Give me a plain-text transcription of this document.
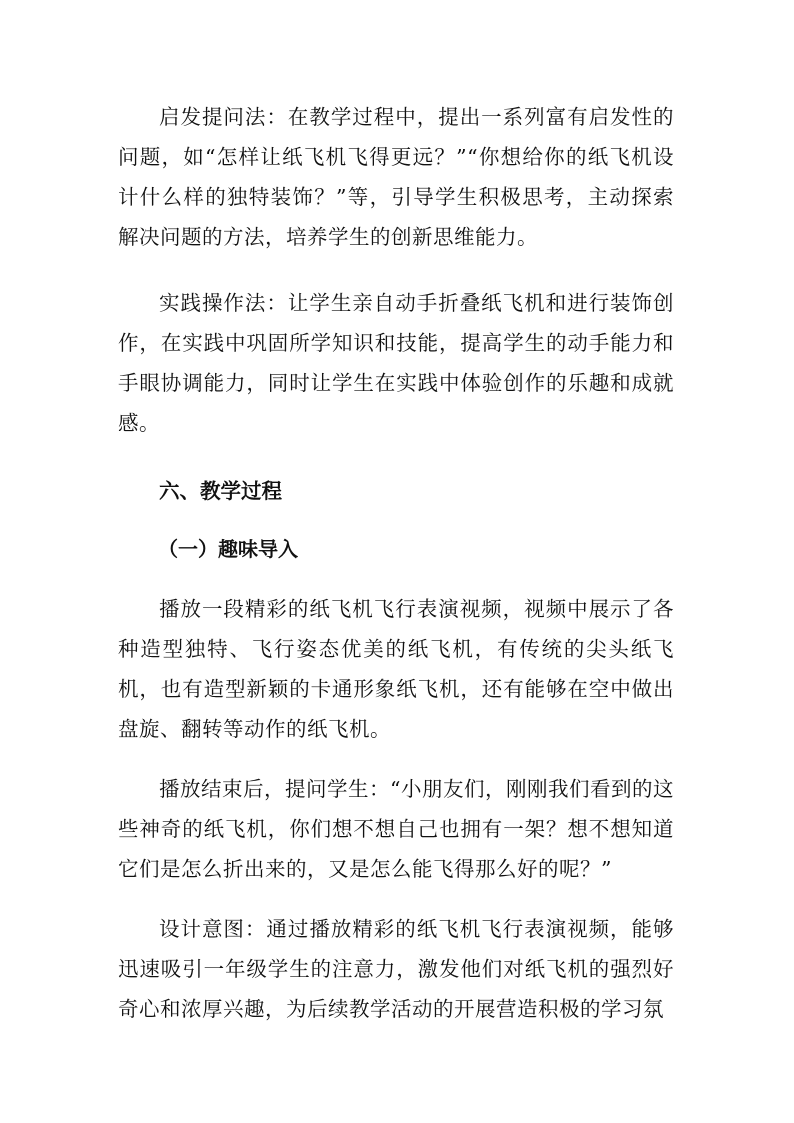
启发提问法：在教学过程中，提出一系列富有启发性的问题，如“怎样让纸飞机飞得更远？”“你想给你的纸飞机设计什么样的独特装饰？”等，引导学生积极思考，主动探索解决问题的方法，培养学生的创新思维能力。

实践操作法：让学生亲自动手折叠纸飞机和进行装饰创作，在实践中巩固所学知识和技能，提高学生的动手能力和手眼协调能力，同时让学生在实践中体验创作的乐趣和成就感。

六、教学过程
（一）趣味导入

播放一段精彩的纸飞机飞行表演视频，视频中展示了各种造型独特、飞行姿态优美的纸飞机，有传统的尖头纸飞机，也有造型新颖的卡通形象纸飞机，还有能够在空中做出盘旋、翻转等动作的纸飞机。

播放结束后，提问学生：“小朋友们，刚刚我们看到的这些神奇的纸飞机，你们想不想自己也拥有一架？想不想知道它们是怎么折出来的，又是怎么能飞得那么好的呢？”

设计意图：通过播放精彩的纸飞机飞行表演视频，能够迅速吸引一年级学生的注意力，激发他们对纸飞机的强烈好奇心和浓厚兴趣，为后续教学活动的开展营造积极的学习氛
